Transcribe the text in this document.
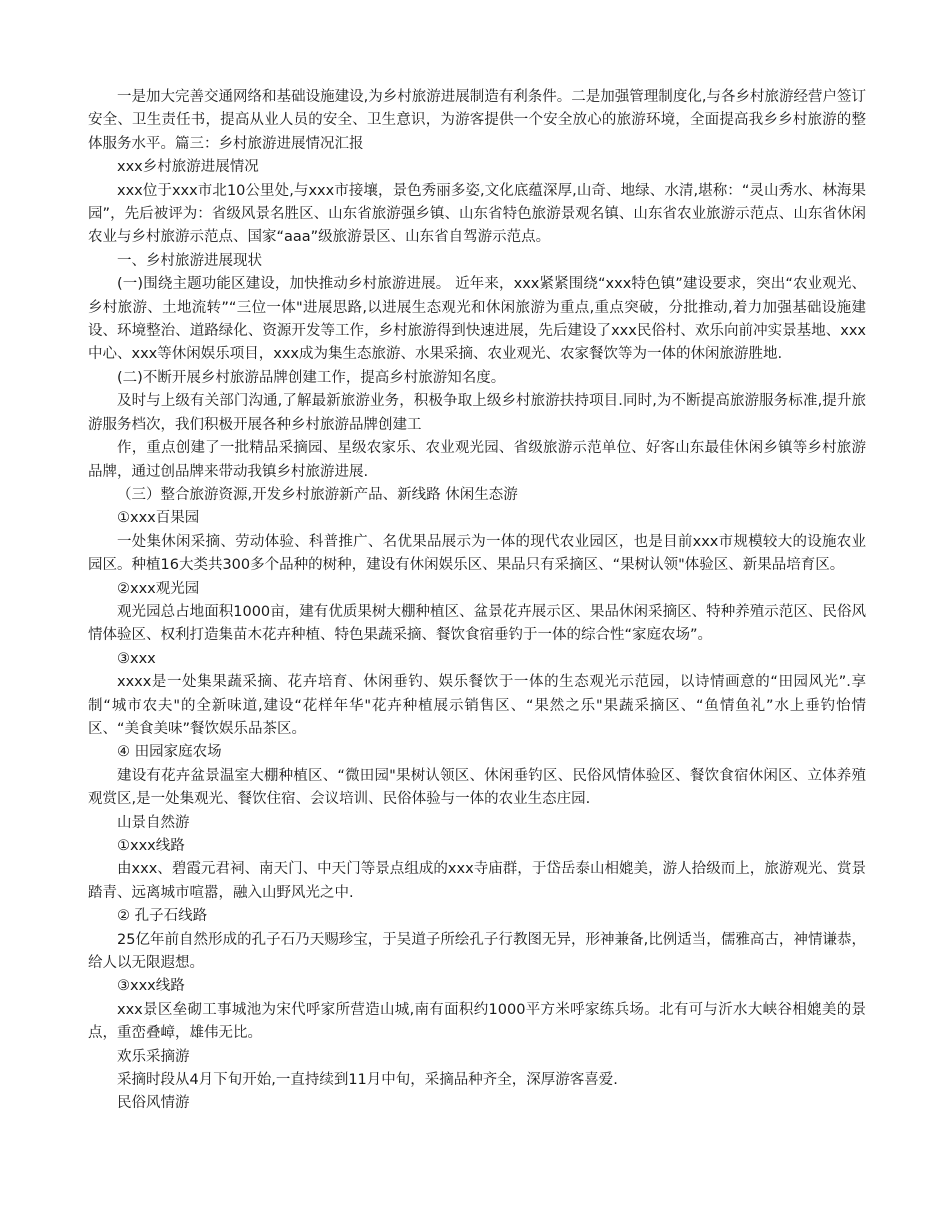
一是加大完善交通网络和基础设施建设,为乡村旅游进展制造有利条件。二是加强管理制度化,与各乡村旅游经营户签订安全、卫生责任书，提高从业人员的安全、卫生意识，为游客提供一个安全放心的旅游环境，全面提高我乡乡村旅游的整体服务水平。篇三：乡村旅游进展情况汇报

xxx乡村旅游进展情况

xxx位于xxx市北10公里处,与xxx市接壤，景色秀丽多姿,文化底蕴深厚,山奇、地绿、水清,堪称：“灵山秀水、林海果园”，先后被评为：省级风景名胜区、山东省旅游强乡镇、山东省特色旅游景观名镇、山东省农业旅游示范点、山东省休闲农业与乡村旅游示范点、国家“aaa”级旅游景区、山东省自驾游示范点。

一、乡村旅游进展现状

(一)围绕主题功能区建设，加快推动乡村旅游进展。 近年来，xxx紧紧围绕“xxx特色镇”建设要求，突出“农业观光、乡村旅游、土地流转”“三位一体"进展思路,以进展生态观光和休闲旅游为重点,重点突破，分批推动,着力加强基础设施建设、环境整治、道路绿化、资源开发等工作，乡村旅游得到快速进展，先后建设了xxx民俗村、欢乐向前冲实景基地、xxx中心、xxx等休闲娱乐项目，xxx成为集生态旅游、水果采摘、农业观光、农家餐饮等为一体的休闲旅游胜地.

(二)不断开展乡村旅游品牌创建工作，提高乡村旅游知名度。

及时与上级有关部门沟通,了解最新旅游业务，积极争取上级乡村旅游扶持项目.同时,为不断提高旅游服务标准,提升旅游服务档次，我们积极开展各种乡村旅游品牌创建工

作，重点创建了一批精品采摘园、星级农家乐、农业观光园、省级旅游示范单位、好客山东最佳休闲乡镇等乡村旅游品牌，通过创品牌来带动我镇乡村旅游进展.

（三）整合旅游资源,开发乡村旅游新产品、新线路 休闲生态游

①xxx百果园

一处集休闲采摘、劳动体验、科普推广、名优果品展示为一体的现代农业园区，也是目前xxx市规模较大的设施农业园区。种植16大类共300多个品种的树种，建设有休闲娱乐区、果品只有采摘区、“果树认领"体验区、新果品培育区。

②xxx观光园

观光园总占地面积1000亩，建有优质果树大棚种植区、盆景花卉展示区、果品休闲采摘区、特种养殖示范区、民俗风情体验区、权利打造集苗木花卉种植、特色果蔬采摘、餐饮食宿垂钓于一体的综合性“家庭农场”。

③xxx

xxxx是一处集果蔬采摘、花卉培育、休闲垂钓、娱乐餐饮于一体的生态观光示范园，以诗情画意的“田园风光”.享制“城市农夫"的全新味道,建设“花样年华"花卉种植展示销售区、“果然之乐"果蔬采摘区、“鱼情鱼礼”水上垂钓怡情区、“美食美味”餐饮娱乐品茶区。

④ 田园家庭农场

建设有花卉盆景温室大棚种植区、“微田园"果树认领区、休闲垂钓区、民俗风情体验区、餐饮食宿休闲区、立体养殖观赏区,是一处集观光、餐饮住宿、会议培训、民俗体验与一体的农业生态庄园.

山景自然游

①xxx线路

由xxx、碧霞元君祠、南天门、中天门等景点组成的xxx寺庙群，于岱岳泰山相媲美，游人拾级而上，旅游观光、赏景踏青、远离城市喧嚣，融入山野风光之中.

② 孔子石线路

25亿年前自然形成的孔子石乃天赐珍宝，于吴道子所绘孔子行教图无异，形神兼备,比例适当，儒雅高古，神情谦恭，给人以无限遐想。

③xxx线路

xxx景区垒砌工事城池为宋代呼家所营造山城,南有面积约1000平方米呼家练兵场。北有可与沂水大峡谷相媲美的景点，重峦叠嶂，雄伟无比。

欢乐采摘游

采摘时段从4月下旬开始,一直持续到11月中旬，采摘品种齐全，深厚游客喜爱.

民俗风情游
